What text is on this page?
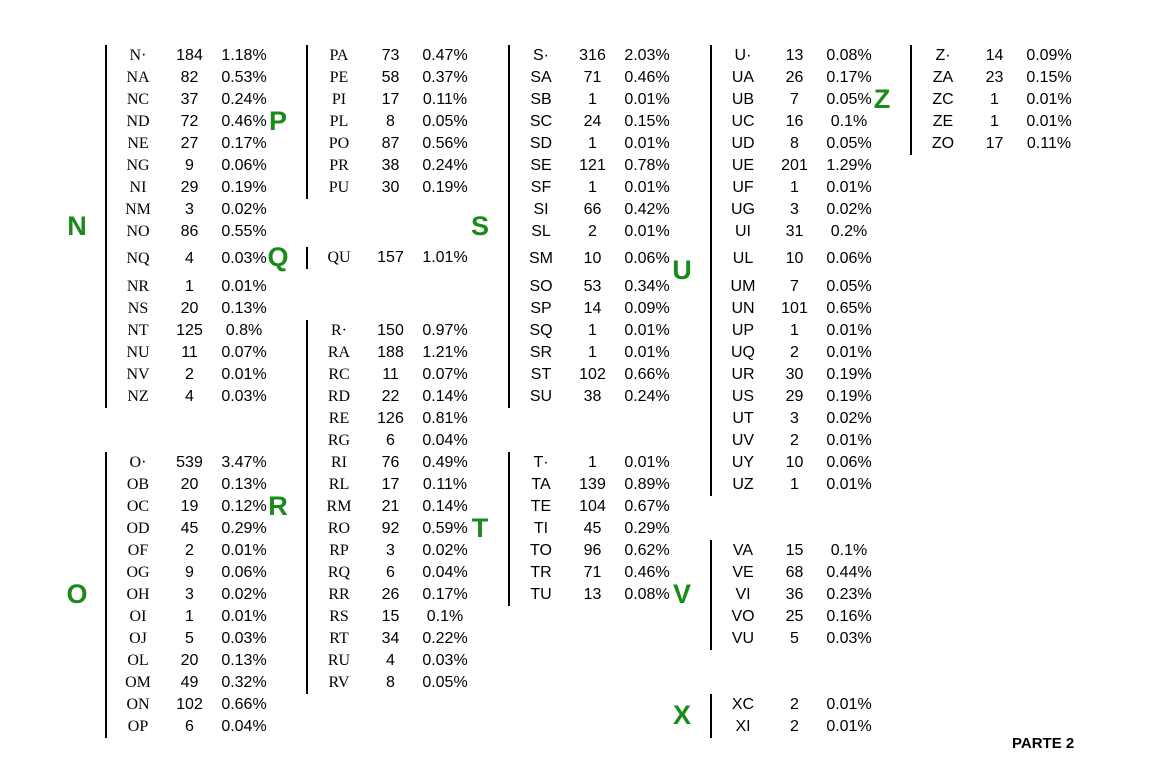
PARTE 2
N
N·	184	1.18%
NA	82	0.53%
NC	37	0.24%
ND	72	0.46%
NE	27	0.17%
NG	9	0.06%
NI	29	0.19%
NM	3	0.02%
NO	86	0.55%
NQ	4	0.03%
NR	1	0.01%
NS	20	0.13%
NT	125	0.8%
NU	11	0.07%
NV	2	0.01%
NZ	4	0.03%
O
O·	539	3.47%
OB	20	0.13%
OC	19	0.12%
OD	45	0.29%
OF	2	0.01%
OG	9	0.06%
OH	3	0.02%
OI	1	0.01%
OJ	5	0.03%
OL	20	0.13%
OM	49	0.32%
ON	102	0.66%
OP	6	0.04%
P
PA	73	0.47%
PE	58	0.37%
PI	17	0.11%
PL	8	0.05%
PO	87	0.56%
PR	38	0.24%
PU	30	0.19%
Q	QU	157	1.01%
R
R·	150	0.97%
RA	188	1.21%
RC	11	0.07%
RD	22	0.14%
RE	126	0.81%
RG	6	0.04%
RI	76	0.49%
RL	17	0.11%
RM	21	0.14%
RO	92	0.59%
RP	3	0.02%
RQ	6	0.04%
RR	26	0.17%
RS	15	0.1%
RT	34	0.22%
RU	4	0.03%
RV	8	0.05%
S
S·	316	2.03%
SA	71	0.46%
SB	1	0.01%
SC	24	0.15%
SD	1	0.01%
SE	121	0.78%
SF	1	0.01%
SI	66	0.42%
SL	2	0.01%
SM	10	0.06%
SO	53	0.34%
SP	14	0.09%
SQ	1	0.01%
SR	1	0.01%
ST	102	0.66%
SU	38	0.24%
T
T·	1	0.01%
TA	139	0.89%
TE	104	0.67%
TI	45	0.29%
TO	96	0.62%
TR	71	0.46%
TU	13	0.08%
U
U·	13	0.08%
UA	26	0.17%
UB	7	0.05%
UC	16	0.1%
UD	8	0.05%
UE	201	1.29%
UF	1	0.01%
UG	3	0.02%
UI	31	0.2%
UL	10	0.06%
UM	7	0.05%
UN	101	0.65%
UP	1	0.01%
UQ	2	0.01%
UR	30	0.19%
US	29	0.19%
UT	3	0.02%
UV	2	0.01%
UY	10	0.06%
UZ	1	0.01%
V
VA	15	0.1%
VE	68	0.44%
VI	36	0.23%
VO	25	0.16%
VU	5	0.03%
X	XC	2	0.01%
XI	2	0.01%
Z
Z·	14	0.09%
ZA	23	0.15%
ZC	1	0.01%
ZE	1	0.01%
ZO	17	0.11%
